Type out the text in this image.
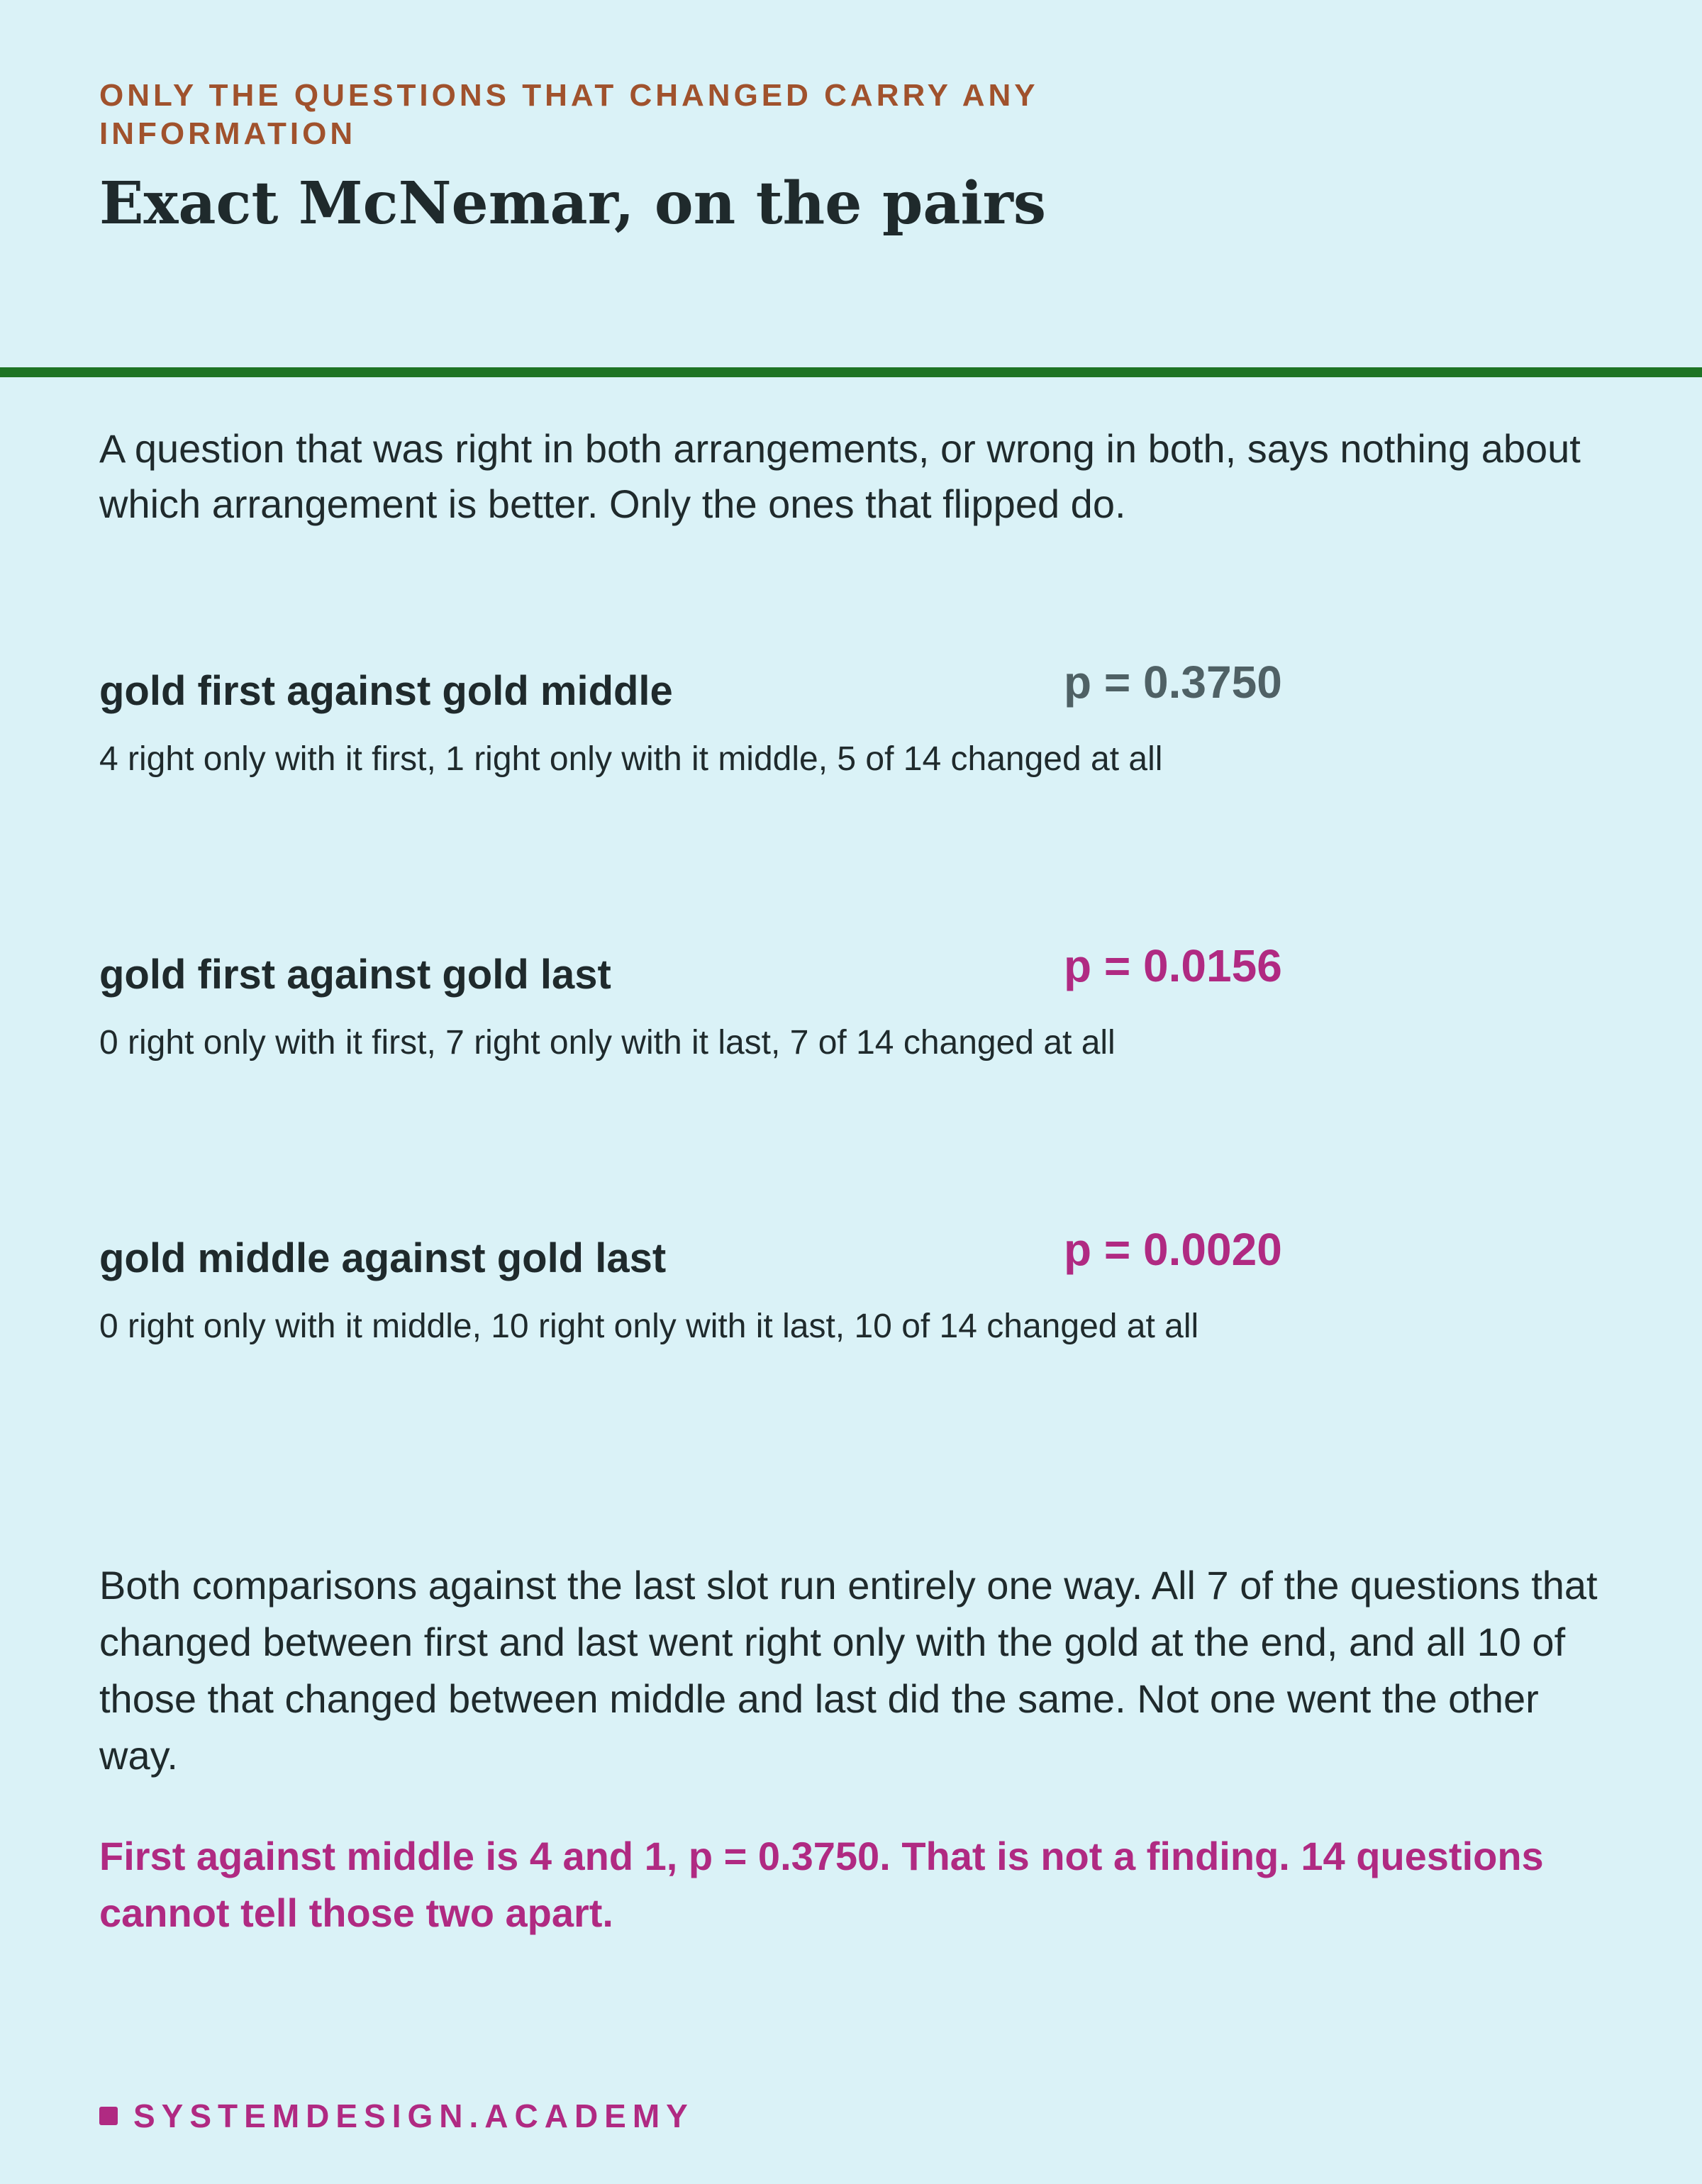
ONLY THE QUESTIONS THAT CHANGED CARRY ANY INFORMATION
Exact McNemar, on the pairs
A question that was right in both arrangements, or wrong in both, says nothing about which arrangement is better. Only the ones that flipped do.
gold first against gold middle	p = 0.3750
4 right only with it first, 1 right only with it middle, 5 of 14 changed at all
gold first against gold last	p = 0.0156
0 right only with it first, 7 right only with it last, 7 of 14 changed at all
gold middle against gold last	p = 0.0020
0 right only with it middle, 10 right only with it last, 10 of 14 changed at all
Both comparisons against the last slot run entirely one way. All 7 of the questions that changed between first and last went right only with the gold at the end, and all 10 of those that changed between middle and last did the same. Not one went the other way.
First against middle is 4 and 1, p = 0.3750. That is not a finding. 14 questions cannot tell those two apart.
SYSTEMDESIGN.ACADEMY
